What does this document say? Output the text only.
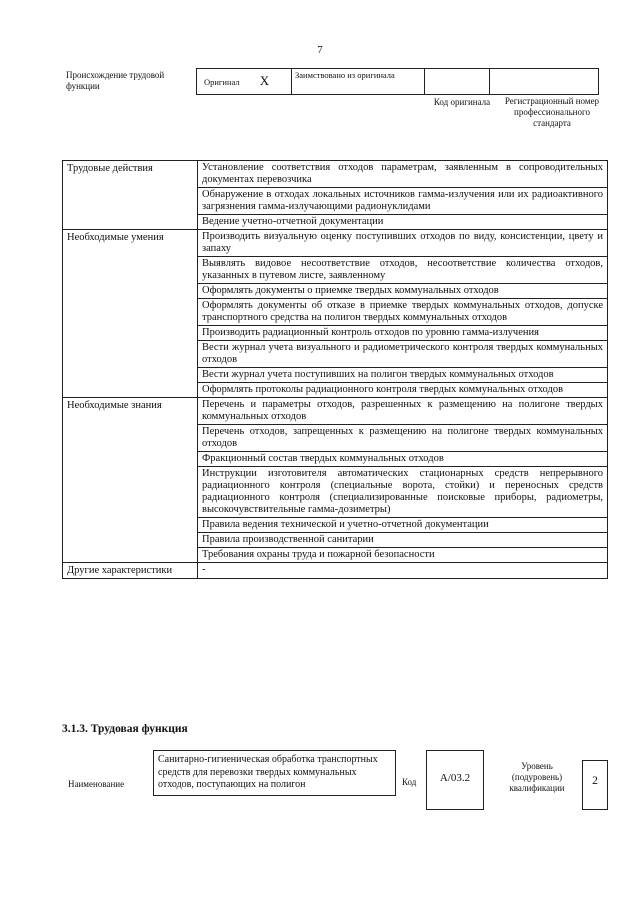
7
Происхождение трудовой функции	Оригинал X	Заимствовано из оригинала		
Код оригинала	Регистрационный номер профессионального стандарта
Трудовые действия	Установление соответствия отходов параметрам, заявленным в сопроводительных документах перевозчика
	Обнаружение в отходах локальных источников гамма-излучения или их радиоактивного загрязнения гамма-излучающими радионуклидами
	Ведение учетно-отчетной документации
Необходимые умения	Производить визуальную оценку поступивших отходов по виду, консистенции, цвету и запаху
	Выявлять видовое несоответствие отходов, несоответствие количества отходов, указанных в путевом листе, заявленному
	Оформлять документы о приемке твердых коммунальных отходов
	Оформлять документы об отказе в приемке твердых коммунальных отходов, допуске транспортного средства на полигон твердых коммунальных отходов
	Производить радиационный контроль отходов по уровню гамма-излучения
	Вести журнал учета визуального и радиометрического контроля твердых коммунальных отходов
	Вести журнал учета поступивших на полигон твердых коммунальных отходов
	Оформлять протоколы радиационного контроля твердых коммунальных отходов
Необходимые знания	Перечень и параметры отходов, разрешенных к размещению на полигоне твердых коммунальных отходов
	Перечень отходов, запрещенных к размещению на полигоне твердых коммунальных отходов
	Фракционный состав твердых коммунальных отходов
	Инструкции изготовителя автоматических стационарных средств непрерывного радиационного контроля (специальные ворота, стойки) и переносных средств радиационного контроля (специализированные поисковые приборы, радиометры, высокочувствительные гамма-дозиметры)
	Правила ведения технической и учетно-отчетной документации
	Правила производственной санитарии
	Требования охраны труда и пожарной безопасности
Другие характеристики	-
3.1.3. Трудовая функция
Наименование
Санитарно-гигиеническая обработка транспортных средств для перевозки твердых коммунальных отходов, поступающих на полигон	Код	А/03.2
Уровень (подуровень) квалификации
2
